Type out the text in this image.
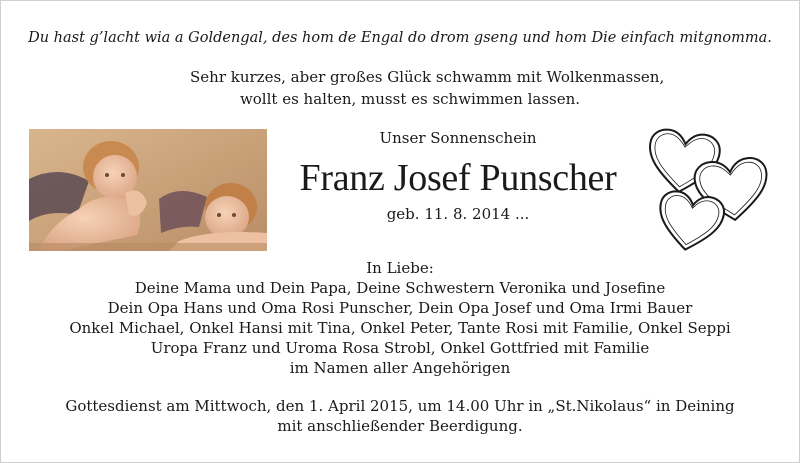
Du hast g’lacht wia a Goldengal, des hom de Engal do drom gseng und hom Die einfach mitgnomma.
Sehr kurzes, aber großes Glück schwamm mit Wolkenmassen,
wollt es halten, musst es schwimmen lassen.
Unser Sonnenschein
Franz Josef Punscher
geb. 11. 8. 2014 ...
In Liebe:
Deine Mama und Dein Papa, Deine Schwestern Veronika und Josefine
Dein Opa Hans und Oma Rosi Punscher, Dein Opa Josef und Oma Irmi Bauer
Onkel Michael, Onkel Hansi mit Tina, Onkel Peter, Tante Rosi mit Familie, Onkel Seppi
Uropa Franz und Uroma Rosa Strobl, Onkel Gottfried mit Familie
im Namen aller Angehörigen
Gottesdienst am Mittwoch, den 1. April 2015, um 14.00 Uhr in „St.Nikolaus“ in Deining
mit anschließender Beerdigung.
